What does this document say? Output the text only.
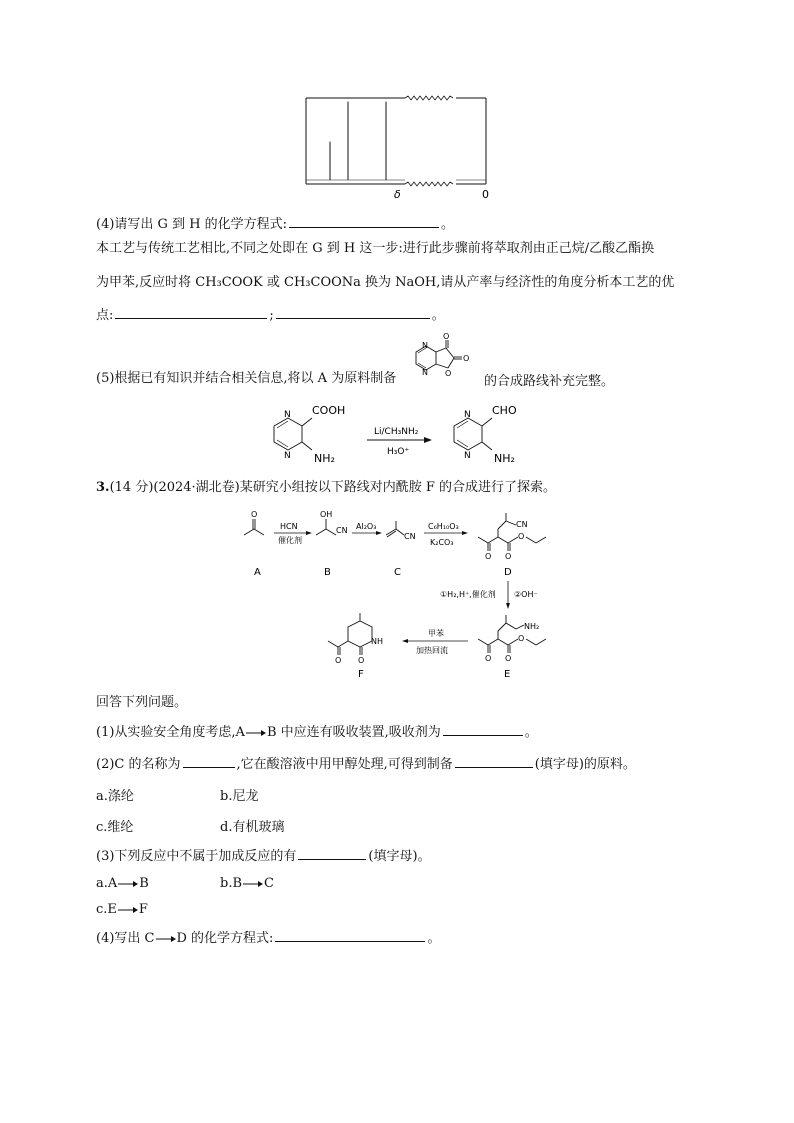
δ	0
(4)请写出 G 到 H 的化学方程式:	。
本工艺与传统工艺相比,不同之处即在 G 到 H 这一步:进行此步骤前将萃取剂由正己烷/乙酸乙酯换
为甲苯,反应时将 CH₃COOK 或 CH₃COONa 换为 NaOH,请从产率与经济性的角度分析本工艺的优
点:	;	。
(5)根据已有知识并结合相关信息,将以 A 为原料制备
O
O
O
N
N
的合成路线补充完整。
N
N
COOH
NH₂
Li/CH₃NH₂
H₃O⁺
N
N
CHO
NH₂
3.(14 分)(2024·湖北卷)某研究小组按以下路线对内酰胺 F 的合成进行了探索。
O
A
HCN
催化剂
OH
CN
B
Al₂O₃
CN
C
C₆H₁₀O₃
K₂CO₃
CN
O O
O
D
①H₂,H⁺,催化剂 ②OH⁻
NH₂
O O
O
E
甲苯
加热回流
NH
O
O
F
回答下列问题。
(1)从实验安全角度考虑,A→B 中应连有吸收装置,吸收剂为	。
(2)C 的名称为	,它在酸溶液中用甲醇处理,可得到制备	(填字母)的原料。
a.涤纶	b.尼龙
c.维纶	d.有机玻璃
(3)下列反应中不属于加成反应的有	(填字母)。
a.A→B	b.B→C
c.E→F
(4)写出 C→D 的化学方程式:	。
